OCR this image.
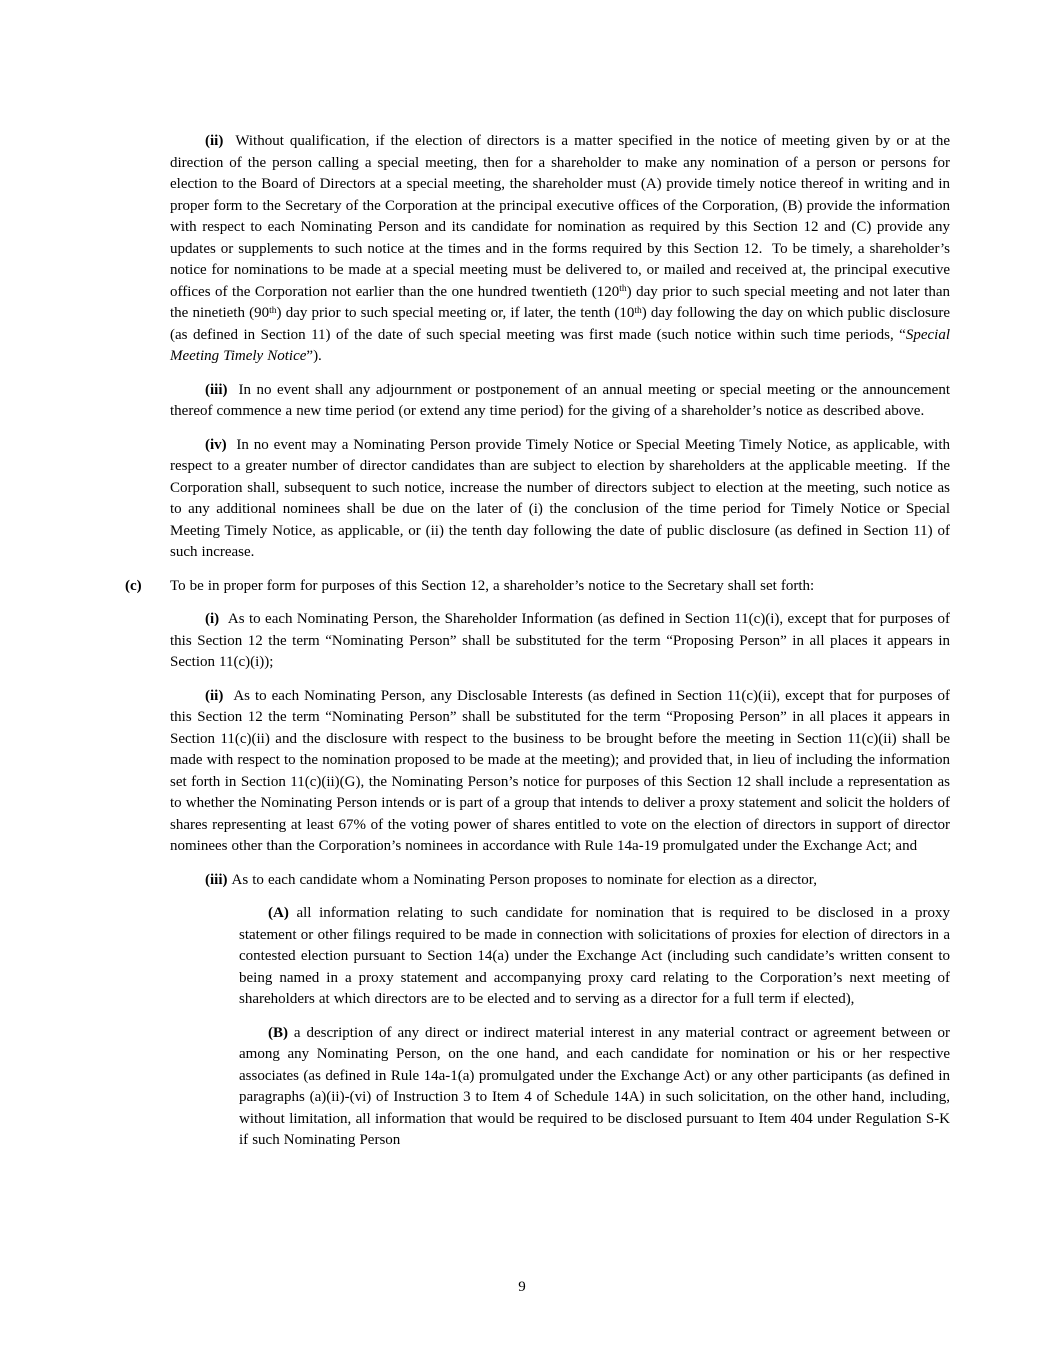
(ii)  Without qualification, if the election of directors is a matter specified in the notice of meeting given by or at the direction of the person calling a special meeting, then for a shareholder to make any nomination of a person or persons for election to the Board of Directors at a special meeting, the shareholder must (A) provide timely notice thereof in writing and in proper form to the Secretary of the Corporation at the principal executive offices of the Corporation, (B) provide the information with respect to each Nominating Person and its candidate for nomination as required by this Section 12 and (C) provide any updates or supplements to such notice at the times and in the forms required by this Section 12.  To be timely, a shareholder’s notice for nominations to be made at a special meeting must be delivered to, or mailed and received at, the principal executive offices of the Corporation not earlier than the one hundred twentieth (120th) day prior to such special meeting and not later than the ninetieth (90th) day prior to such special meeting or, if later, the tenth (10th) day following the day on which public disclosure (as defined in Section 11) of the date of such special meeting was first made (such notice within such time periods, “Special Meeting Timely Notice”).

(iii)  In no event shall any adjournment or postponement of an annual meeting or special meeting or the announcement thereof commence a new time period (or extend any time period) for the giving of a shareholder’s notice as described above.

(iv)  In no event may a Nominating Person provide Timely Notice or Special Meeting Timely Notice, as applicable, with respect to a greater number of director candidates than are subject to election by shareholders at the applicable meeting.  If the Corporation shall, subsequent to such notice, increase the number of directors subject to election at the meeting, such notice as to any additional nominees shall be due on the later of (i) the conclusion of the time period for Timely Notice or Special Meeting Timely Notice, as applicable, or (ii) the tenth day following the date of public disclosure (as defined in Section 11) of such increase.

(c) To be in proper form for purposes of this Section 12, a shareholder’s notice to the Secretary shall set forth:

(i)  As to each Nominating Person, the Shareholder Information (as defined in Section 11(c)(i), except that for purposes of this Section 12 the term “Nominating Person” shall be substituted for the term “Proposing Person” in all places it appears in Section 11(c)(i));

(ii)  As to each Nominating Person, any Disclosable Interests (as defined in Section 11(c)(ii), except that for purposes of this Section 12 the term “Nominating Person” shall be substituted for the term “Proposing Person” in all places it appears in Section 11(c)(ii) and the disclosure with respect to the business to be brought before the meeting in Section 11(c)(ii) shall be made with respect to the nomination proposed to be made at the meeting); and provided that, in lieu of including the information set forth in Section 11(c)(ii)(G), the Nominating Person’s notice for purposes of this Section 12 shall include a representation as to whether the Nominating Person intends or is part of a group that intends to deliver a proxy statement and solicit the holders of shares representing at least 67% of the voting power of shares entitled to vote on the election of directors in support of director nominees other than the Corporation’s nominees in accordance with Rule 14a-19 promulgated under the Exchange Act; and

(iii) As to each candidate whom a Nominating Person proposes to nominate for election as a director,

(A) all information relating to such candidate for nomination that is required to be disclosed in a proxy statement or other filings required to be made in connection with solicitations of proxies for election of directors in a contested election pursuant to Section 14(a) under the Exchange Act (including such candidate’s written consent to being named in a proxy statement and accompanying proxy card relating to the Corporation’s next meeting of shareholders at which directors are to be elected and to serving as a director for a full term if elected),

(B) a description of any direct or indirect material interest in any material contract or agreement between or among any Nominating Person, on the one hand, and each candidate for nomination or his or her respective associates (as defined in Rule 14a-1(a) promulgated under the Exchange Act) or any other participants (as defined in paragraphs (a)(ii)-(vi) of Instruction 3 to Item 4 of Schedule 14A) in such solicitation, on the other hand, including, without limitation, all information that would be required to be disclosed pursuant to Item 404 under Regulation S-K if such Nominating Person

9
